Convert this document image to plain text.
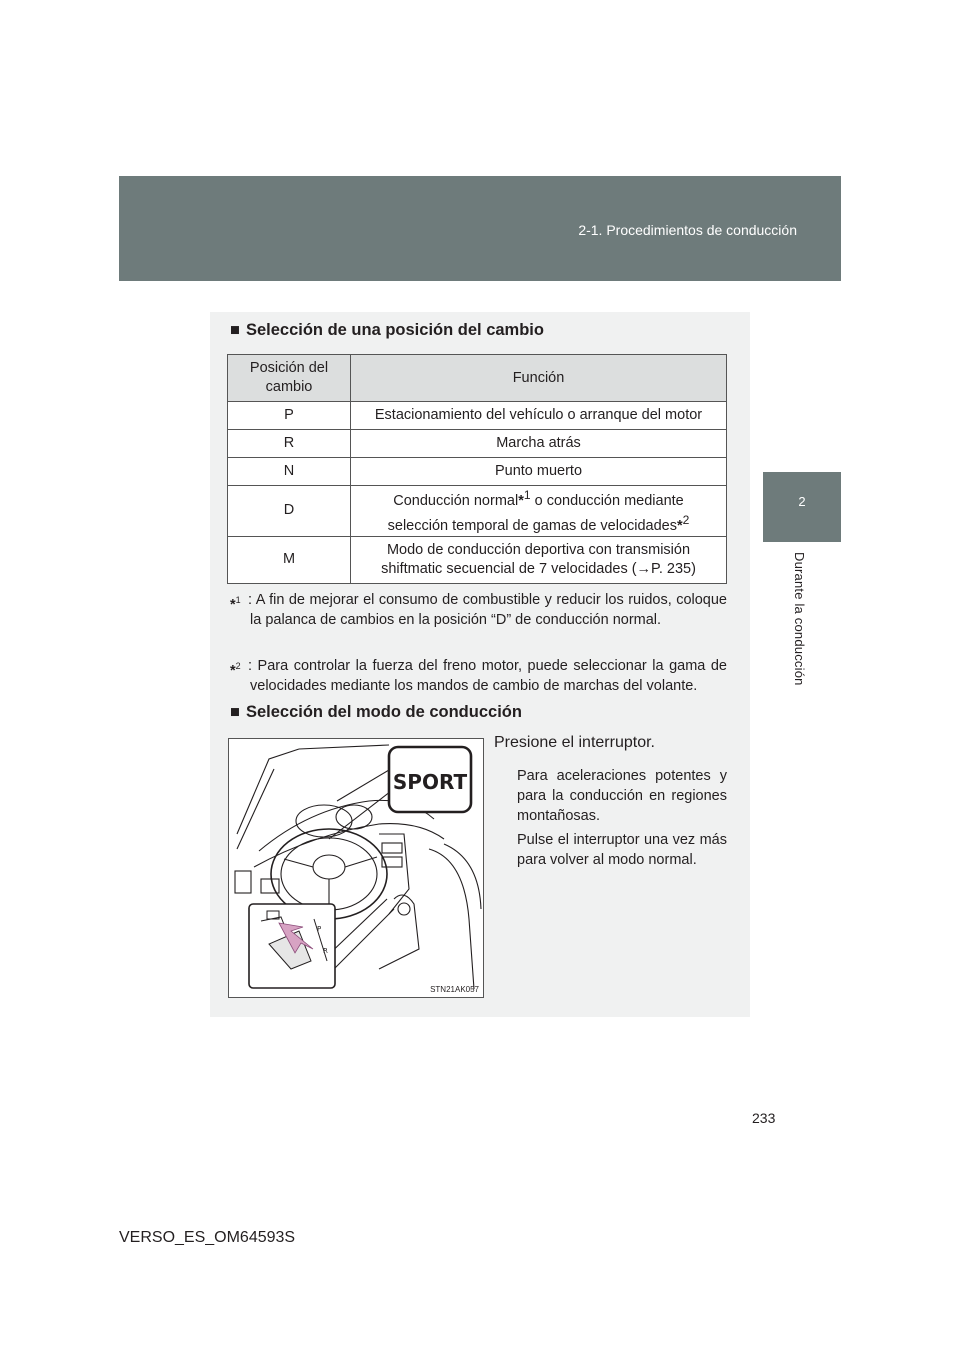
2-1. Procedimientos de conducción
2
Durante la conducción
■ Selección de una posición del cambio
Posición del cambio	Función
P	Estacionamiento del vehículo o arranque del motor
R	Marcha atrás
N	Punto muerto
D	Conducción normal*$^1$ o conducción mediante
selección temporal de gamas de velocidades*$^2$
M	Modo de conducción deportiva con transmisión
shiftmatic secuencial de 7 velocidades (→P. 235)
*$^1$ : A fin de mejorar el consumo de combustible y reducir los ruidos, coloque la palanca de cambios en la posición “D” de conducción normal.
*$^2$ : Para controlar la fuerza del freno motor, puede seleccionar la gama de velocidades mediante los mandos de cambio de marchas del volante.
■ Selección del modo de conducción
SPORT
P
R
STN21AK057
Presione el interruptor.
Para aceleraciones potentes y para la conducción en regiones montañosas.
Pulse el interruptor una vez más para volver al modo normal.
233
VERSO_ES_OM64593S
